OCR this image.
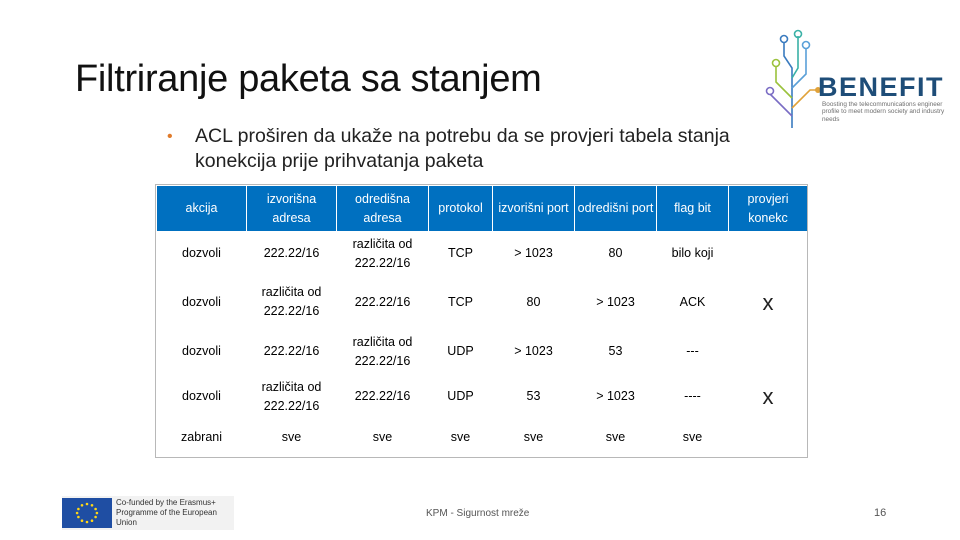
Filtriranje paketa sa stanjem	BENEFIT
Boosting the telecommunications engineer profile to meet modern society and industry needs
• ACL proširen da ukaže na potrebu da se provjeri tabela stanja konekcija prije prihvatanja paketa
akcija	izvorišna adresa	odredišna adresa	protokol	izvorišni port	odredišni port	flag bit	provjeri konekc
dozvoli	222.22/16	različita od 222.22/16	TCP	> 1023	80	bilo koji	
dozvoli	različita od 222.22/16	222.22/16	TCP	80	> 1023	ACK	x
dozvoli	222.22/16	različita od 222.22/16	UDP	> 1023	53	---	
dozvoli	različita od 222.22/16	222.22/16	UDP	53	> 1023	----	x
zabrani	sve	sve	sve	sve	sve	sve	
Co-funded by the Erasmus+ Programme of the European Union
KPM - Sigurnost mreže	16
